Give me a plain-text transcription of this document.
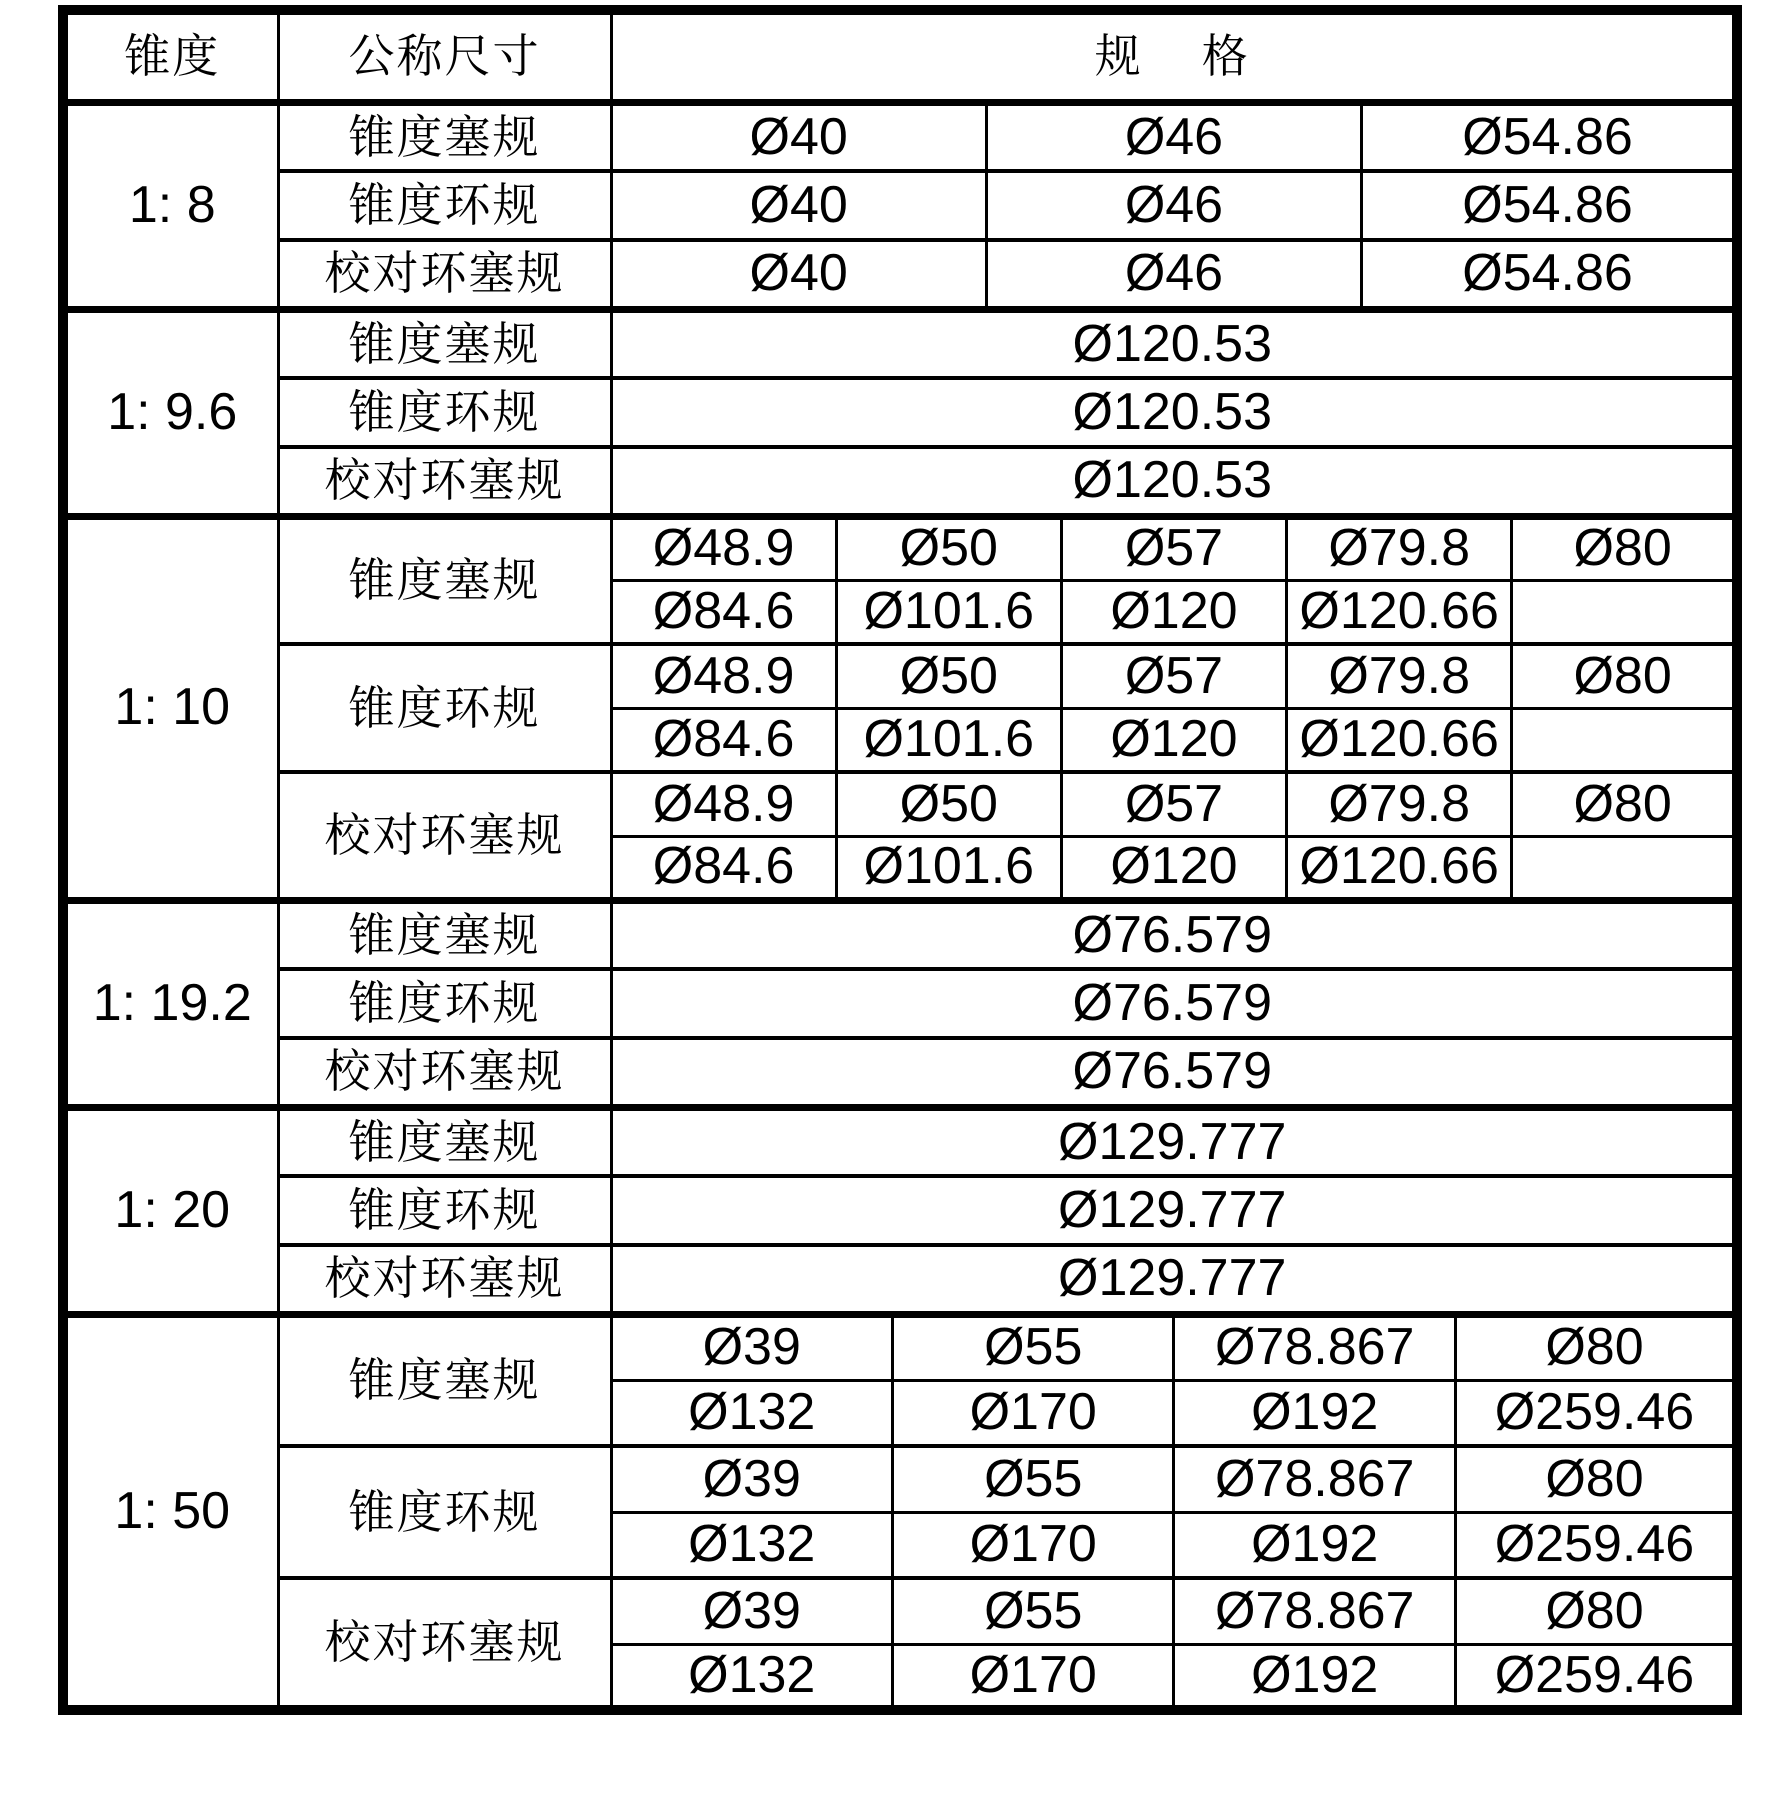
锥度	公称尺寸	规    格									
1: 8	锥度塞规	Ø40			Ø46				Ø54.86		
	锥度环规	Ø40			Ø46				Ø54.86		
	校对环塞规	Ø40			Ø46				Ø54.86		
1: 9.6	锥度塞规	Ø120.53									
	锥度环规	Ø120.53									
	校对环塞规	Ø120.53									
1: 10	锥度塞规	Ø48.9	Ø50			Ø57		Ø79.8			Ø80
		Ø84.6	Ø101.6			Ø120		Ø120.66			
	锥度环规	Ø48.9	Ø50			Ø57		Ø79.8			Ø80
		Ø84.6	Ø101.6			Ø120		Ø120.66			
	校对环塞规	Ø48.9	Ø50			Ø57		Ø79.8			Ø80
		Ø84.6	Ø101.6			Ø120		Ø120.66			
1: 19.2	锥度塞规	Ø76.579									
	锥度环规	Ø76.579									
	校对环塞规	Ø76.579									
1: 20	锥度塞规	Ø129.777									
	锥度环规	Ø129.777									
	校对环塞规	Ø129.777									
1: 50	锥度塞规	Ø39		Ø55			Ø78.867			Ø80	
		Ø132		Ø170			Ø192			Ø259.46	
	锥度环规	Ø39		Ø55			Ø78.867			Ø80	
		Ø132		Ø170			Ø192			Ø259.46	
	校对环塞规	Ø39		Ø55			Ø78.867			Ø80	
		Ø132		Ø170			Ø192			Ø259.46	
